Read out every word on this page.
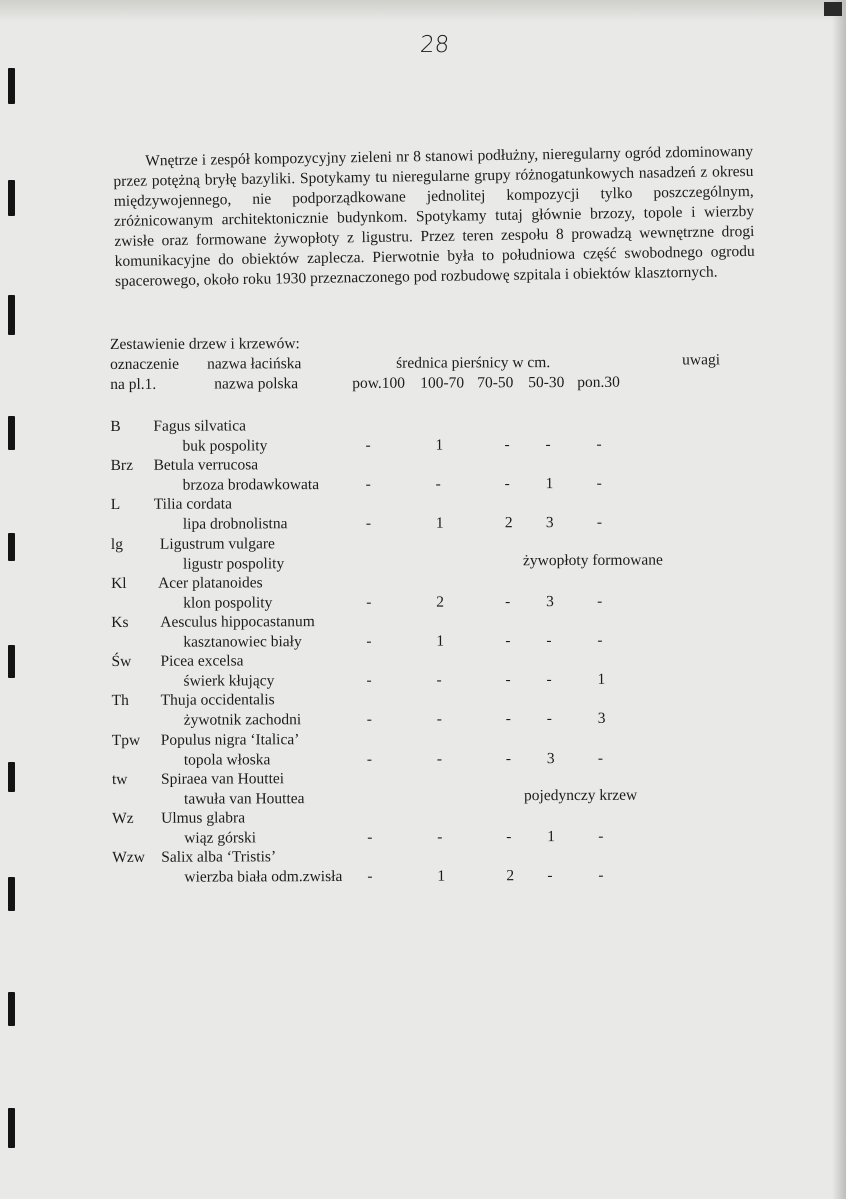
28

Wnętrze i zespół kompozycyjny zieleni nr 8 stanowi podłużny, nieregularny ogród zdominowany przez potężną bryłę bazyliki. Spotykamy tu nieregularne grupy różnogatunkowych nasadzeń z okresu międzywojennego, nie podporządkowane jednolitej kompozycji tylko poszczególnym, zróżnicowanym architektonicznie budynkom. Spotykamy tutaj głównie brzozy, topole i wierzby zwisłe oraz formowane żywopłoty z ligustru. Przez teren zespołu 8 prowadzą wewnętrzne drogi komunikacyjne do obiektów zaplecza. Pierwotnie była to południowa część swobodnego ogrodu spacerowego, około roku 1930 przeznaczonego pod rozbudowę szpitala i obiektów klasztornych.

Zestawienie drzew i krzewów:
oznaczenie nazwa łacińska	średnica pierśnicy w cm.	uwagi
na pl.1.	nazwa polska	pow.100 100-70 70-50 50-30 pon.30
B Fagus silvatica
buk pospolity	-	1	- -	-
Brz Betula verrucosa
brzoza brodawkowata	-	-	- 1	-
L Tilia cordata
lipa drobnolistna	-	1	2 3	-
lg Ligustrum vulgare
ligustr pospolity	żywopłoty formowane
Kl Acer platanoides
klon pospolity	-	2	- 3	-
Ks Aesculus hippocastanum
kasztanowiec biały	-	1	- -	-
Św Picea excelsa
świerk kłujący	-	-	- -	1
Th Thuja occidentalis
żywotnik zachodni	-	-	- -	3
Tpw Populus nigra ‘Italica’
topola włoska	-	-	- 3	-
tw Spiraea van Houttei
tawuła van Houttea	pojedynczy krzew
Wz Ulmus glabra
wiąz górski	-	-	- 1	-
Wzw Salix alba ‘Tristis’
wierzba biała odm.zwisła -	1	2 -	-
